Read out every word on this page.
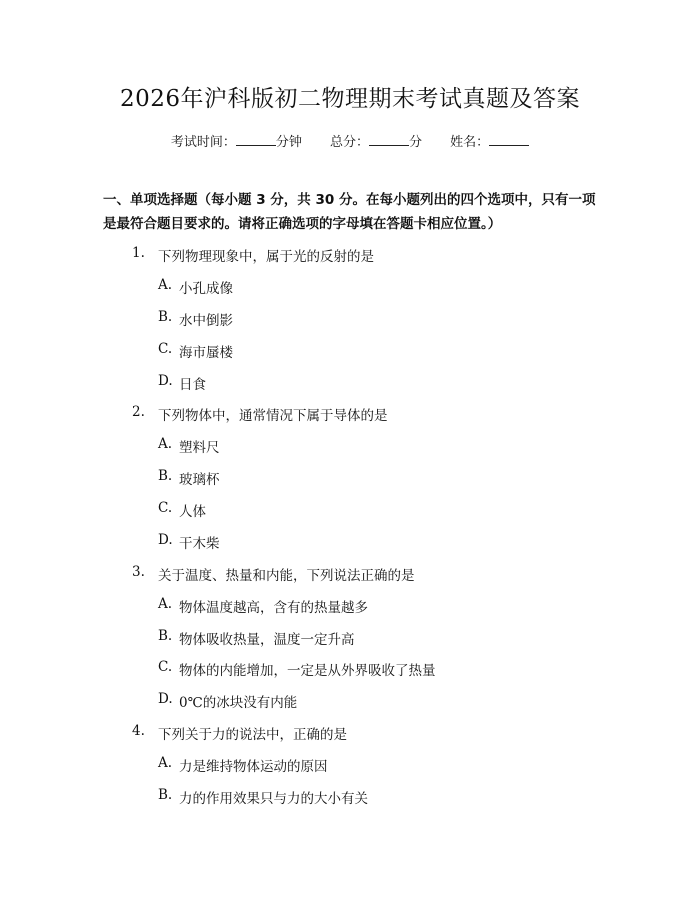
2026年沪科版初二物理期末考试真题及答案
考试时间：	分钟 总分：	分 姓名：
一、单项选择题（每小题 3 分，共 30 分。在每小题列出的四个选项中，只有一项
是最符合题目要求的。请将正确选项的字母填在答题卡相应位置。）
1. 下列物理现象中，属于光的反射的是
A. 小孔成像
B. 水中倒影
C. 海市蜃楼
D. 日食
2. 下列物体中，通常情况下属于导体的是
A. 塑料尺
B. 玻璃杯
C. 人体
D. 干木柴
3. 关于温度、热量和内能，下列说法正确的是
A. 物体温度越高，含有的热量越多
B. 物体吸收热量，温度一定升高
C. 物体的内能增加，一定是从外界吸收了热量
D. 0℃的冰块没有内能
4. 下列关于力的说法中，正确的是
A. 力是维持物体运动的原因
B. 力的作用效果只与力的大小有关
